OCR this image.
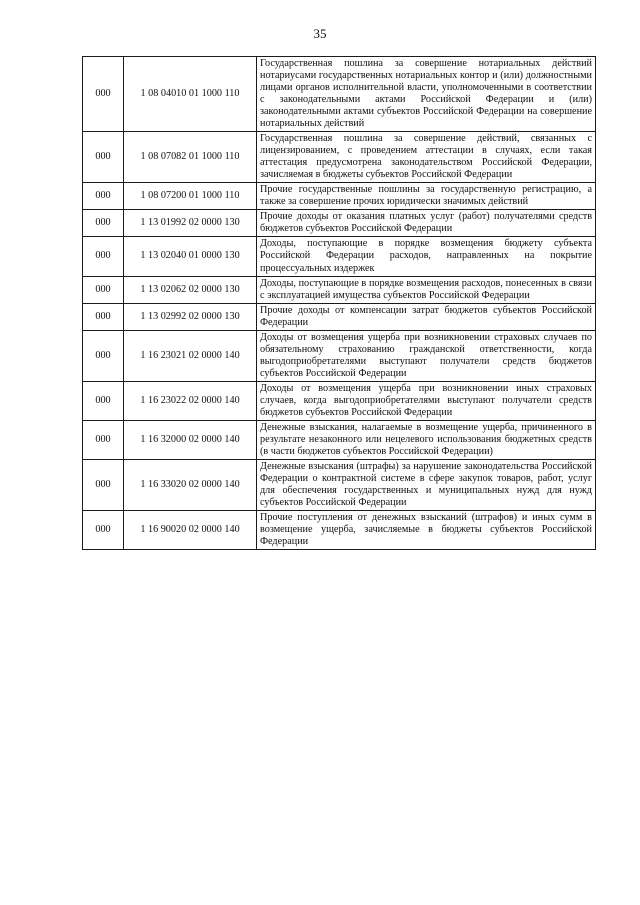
35
000	1 08 04010 01 1000 110	Государственная пошлина за совершение нотариальных действий нотариусами государственных нотариальных контор и (или) должностными лицами органов исполнительной власти, уполномоченными в соответствии с законодательными актами Российской Федерации и (или) законодательными актами субъектов Российской Федерации на совершение нотариальных действий
000	1 08 07082 01 1000 110	Государственная пошлина за совершение действий, связанных с лицензированием, с проведением аттестации в случаях, если такая аттестация предусмотрена законодательством Российской Федерации, зачисляемая в бюджеты субъектов Российской Федерации
000	1 08 07200 01 1000 110	Прочие государственные пошлины за государственную регистрацию, а также за совершение прочих юридически значимых действий
000	1 13 01992 02 0000 130	Прочие доходы от оказания платных услуг (работ) получателями средств бюджетов субъектов Российской Федерации
000	1 13 02040 01 0000 130	Доходы, поступающие в порядке возмещения бюджету субъекта Российской Федерации расходов, направленных на покрытие процессуальных издержек
000	1 13 02062 02 0000 130	Доходы, поступающие в порядке возмещения расходов, понесенных в связи с эксплуатацией имущества субъектов Российской Федерации
000	1 13 02992 02 0000 130	Прочие доходы от компенсации затрат бюджетов субъектов Российской Федерации
000	1 16 23021 02 0000 140	Доходы от возмещения ущерба при возникновении страховых случаев по обязательному страхованию гражданской ответственности, когда выгодоприобретателями выступают получатели средств бюджетов субъектов Российской Федерации
000	1 16 23022 02 0000 140	Доходы от возмещения ущерба при возникновении иных страховых случаев, когда выгодоприобретателями выступают получатели средств бюджетов субъектов Российской Федерации
000	1 16 32000 02 0000 140	Денежные взыскания, налагаемые в возмещение ущерба, причиненного в результате незаконного или нецелевого использования бюджетных средств (в части бюджетов субъектов Российской Федерации)
000	1 16 33020 02 0000 140	Денежные взыскания (штрафы) за нарушение законодательства Российской Федерации о контрактной системе в сфере закупок товаров, работ, услуг для обеспечения государственных и муниципальных нужд для нужд субъектов Российской Федерации
000	1 16 90020 02 0000 140	Прочие поступления от денежных взысканий (штрафов) и иных сумм в возмещение ущерба, зачисляемые в бюджеты субъектов Российской Федерации
